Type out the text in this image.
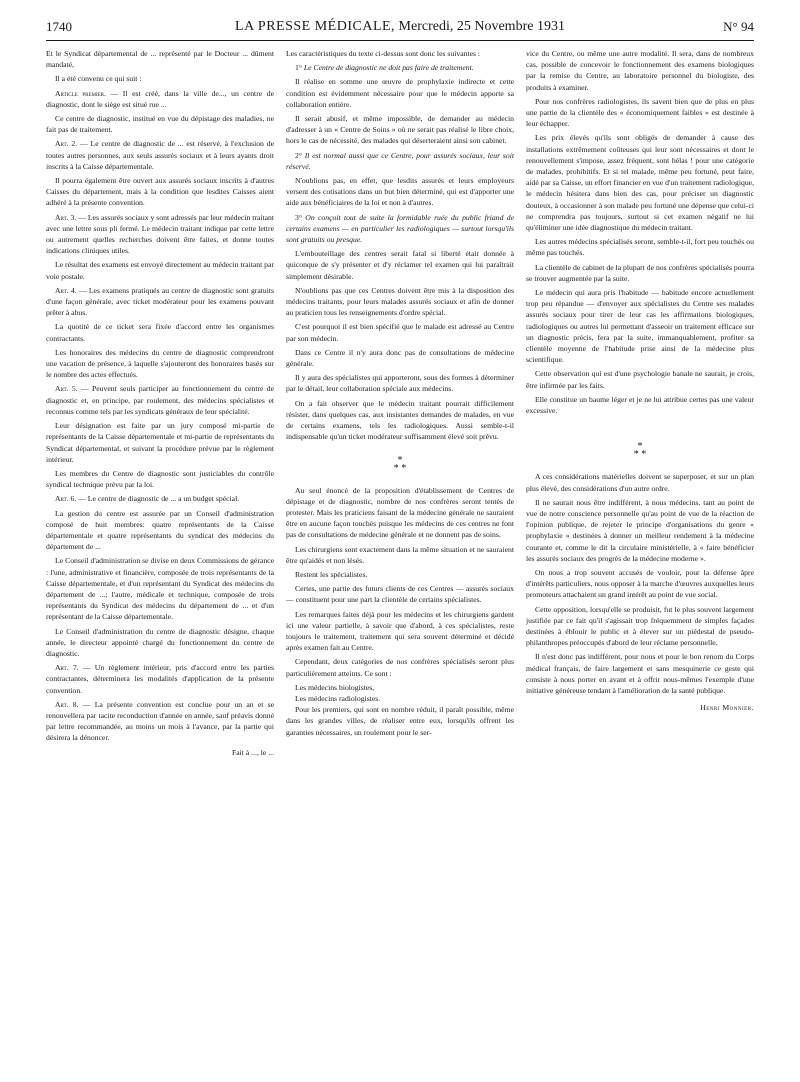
1740	LA PRESSE MÉDICALE, Mercredi, 25 Novembre 1931	N° 94

Et le Syndicat départemental de ... représenté par le Docteur ... dûment mandaté,

Il a été convenu ce qui suit :

Article premier. — Il est créé, dans la ville de..., un centre de diagnostic, dont le siège est situé rue ...

Ce centre de diagnostic, institué en vue du dépistage des maladies, ne fait pas de traitement.

Art. 2. — Le centre de diagnostic de ... est réservé, à l'exclusion de toutes autres personnes, aux seuls assurés sociaux et à leurs ayants droit inscrits à la Caisse départementale.

Il pourra également être ouvert aux assurés sociaux inscrits à d'autres Caisses du département, mais à la condition que lesdites Caisses aient adhéré à la présente convention.

Art. 3. — Les assurés sociaux y sont adressés par leur médecin traitant avec une lettre sous pli fermé. Le médecin traitant indique par cette lettre ou autrement quelles recherches doivent être faites, et donne toutes indications cliniques utiles.

Le résultat des examens est envoyé directement au médecin traitant par voie postale.

Art. 4. — Les examens pratiqués au centre de diagnostic sont gratuits d'une façon générale, avec ticket modérateur pour les examens pouvant prêter à abus.

La quotité de ce ticket sera fixée d'accord entre les organismes contractants.

Les honoraires des médecins du centre de diagnostic comprendront une vacation de présence, à laquelle s'ajouteront des honoraires basés sur le nombre des actes effectués.

Art. 5. — Peuvent seuls participer au fonctionnement du centre de diagnostic et, en principe, par roulement, des médecins spécialistes et reconnus comme tels par les syndicats généraux de leur spécialité.

Leur désignation est faite par un jury composé mi-partie de représentants de la Caisse départementale et mi-partie de représentants du Syndicat départemental, et suivant la procédure prévue par le règlement intérieur.

Les membres du Centre de diagnostic sont justiciables du contrôle syndical technique prévu par la loi.

Art. 6. — Le centre de diagnostic de ... a un budget spécial.

La gestion du centre est assurée par un Conseil d'administration composé de huit membres: quatre représentants de la Caisse départementale et quatre représentants du syndicat des médecins du département de ...

Le Conseil d'administration se divise en deux Commissions de gérance : l'une, administrative et financière, composée de trois représentants de la Caisse départementale, et d'un représentant du Syndicat des médecins du département de ...; l'autre, médicale et technique, composée de trois représentants du Syndicat des médecins du département de ... et d'un représentant de la Caisse départementale.

Le Conseil d'administration du centre de diagnostic désigne, chaque année, le directeur appointé chargé du fonctionnement du centre de diagnostic.

Art. 7. — Un règlement intérieur, pris d'accord entre les parties contractantes, déterminera les modalités d'application de la présente convention.

Art. 8. — La présente convention est conclue pour un an et se renouvellera par tacite reconduction d'année en année, sauf préavis donné par lettre recommandée, au moins un mois à l'avance, par la partie qui désirera la dénoncer.

Fait à ..., le ...

Les caractéristiques du texte ci-dessus sont donc les suivantes :

1° Le Centre de diagnostic ne doit pas faire de traitement.

Il réalise en somme une œuvre de prophylaxie indirecte et cette condition est évidemment nécessaire pour que le médecin apporte sa collaboration entière.

Il serait abusif, et même impossible, de demander au médecin d'adresser à un « Centre de Soins » où ne serait pas réalisé le libre choix, hors le cas de nécessité, des malades qui déserteraient ainsi son cabinet.

2° Il est normal aussi que ce Centre, pour assurés sociaux, leur soit réservé.

N'oublions pas, en effet, que lesdits assurés et leurs employeurs versent des cotisations dans un but bien déterminé, qui est d'apporter une aide aux bénéficiaires de la loi et non à d'autres.

3° On conçoit tout de suite la formidable ruée du public friand de certains examens — en particulier les radiologiques — surtout lorsqu'ils sont gratuits ou presque.

L'embouteillage des centres serait fatal si liberté était donnée à quiconque de s'y présenter et d'y réclamer tel examen qui lui paraîtrait simplement désirable.

N'oublions pas que ces Centres doivent être mis à la disposition des médecins traitants, pour leurs malades assurés sociaux et afin de donner au praticien tous les renseignements d'ordre spécial.

C'est pourquoi il est bien spécifié que le malade est adressé au Centre par son médecin.

Dans ce Centre il n'y aura donc pas de consultations de médecine générale.

Il y aura des spécialistes qui apporteront, sous des formes à déterminer par le détail, leur collaboration spéciale aux médecins.

On a fait observer que le médecin traitant pourrait difficilement résister, dans quelques cas, aux insistantes demandes de malades, en vue de certains examens, tels les radiologiques. Aussi semble-t-il indispensable qu'un ticket modérateur suffisamment élevé soit prévu.

*
* *

Au seul énoncé de la proposition d'établissement de Centres de dépistage et de diagnostic, nombre de nos confrères seront tentés de protester. Mais les praticiens faisant de la médecine générale ne sauraient être en aucune façon touchés puisque les médecins de ces centres ne font pas de consultations de médecine générale et ne donnent pas de soins.

Les chirurgiens sont exactement dans la même situation et ne sauraient être qu'aidés et non lésés.

Restent les spécialistes.

Certes, une partie des futurs clients de ces Centres — assurés sociaux — constituent pour une part la clientèle de certains spécialistes.

Les remarques faites déjà pour les médecins et les chirurgiens gardent ici une valeur partielle, à savoir que d'abord, à ces spécialistes, reste toujours le traitement, traitement qui sera souvent déterminé et décidé après examen fait au Centre.

Cependant, deux catégories de nos confrères spécialisés seront plus particulièrement atteints. Ce sont :

Les médecins biologistes,

Les médecins radiologistes.

Pour les premiers, qui sont en nombre réduit, il paraît possible, même dans les grandes villes, de réaliser entre eux, lorsqu'ils offrent les garanties nécessaires, un roulement pour le ser-

vice du Centre, ou même une autre modalité. Il sera, dans de nombreux cas, possible de concevoir le fonctionnement des examens biologiques par la remise du Centre, au laboratoire personnel du biologiste, des produits à examiner.

Pour nos confrères radiologistes, ils savent bien que de plus en plus une partie de la clientèle des « économiquement faibles » est destinée à leur échapper.

Les prix élevés qu'ils sont obligés de demander à cause des installations extrêmement coûteuses qui leur sont nécessaires et dont le renouvellement s'impose, assez fréquent, sont hélas ! pour une catégorie de malades, prohibitifs. Et si tel malade, même peu fortuné, peut faire, aidé par sa Caisse, un effort financier en vue d'un traitement radiologique, le médecin hésitera dans bien des cas, pour préciser un diagnostic douteux, à occasionner à son malade peu fortuné une dépense que celui-ci ne comprendra pas toujours, surtout si cet examen négatif ne lui qu'éliminer une idée diagnostique du médecin traitant.

Les autres médecins spécialisés seront, semble-t-il, fort peu touchés ou même pas touchés.

La clientèle de cabinet de la plupart de nos confrères spécialisés pourra se trouver augmentée par la suite.

Le médecin qui aura pris l'habitude — habitude encore actuellement trop peu répandue — d'envoyer aux spécialistes du Centre ses malades assurés sociaux pour tirer de leur cas les affirmations biologiques, radiologiques ou autres lui permettant d'asseoir un traitement efficace sur un diagnostic précis, fera par la suite, immanquablement, profiter sa clientèle moyenne de l'habitude prise ainsi de la médecine plus scientifique.

Cette observation qui est d'une psychologie banale ne saurait, je crois, être infirmée par les faits.

Elle constitue un baume léger et je ne lui attribue certes pas une valeur excessive.

*
* *

A ces considérations matérielles doivent se superposer, et sur un plan plus élevé, des considérations d'un autre ordre.

Il ne saurait nous être indifférent, à nous médecins, tant au point de vue de notre conscience personnelle qu'au point de vue de la réaction de l'opinion publique, de rejeter le principe d'organisations du genre « prophylaxie » destinées à donner un meilleur rendement à la médecine courante et, comme le dit la circulaire ministérielle, à « faire bénéficier les assurés sociaux des progrès de la médecine moderne ».

On nous a trop souvent accusés de vouloir, pour la défense âpre d'intérêts particuliers, nous opposer à la marche d'œuvres auxquelles leurs promoteurs attachaient un grand intérêt au point de vue social.

Cette opposition, lorsqu'elle se produisit, fut le plus souvent largement justifiée par ce fait qu'il s'agissait trop fréquemment de simples façades destinées à éblouir le public et à élever sur un piédestal de pseudo-philanthropes préoccupés d'abord de leur réclame personnelle.

Il n'est donc pas indifférent, pour nous et pour le bon renom du Corps médical français, de faire largement et sans mesquinerie ce geste qui consiste à nous porter en avant et à offrir nous-mêmes l'exemple d'une initiative généreuse tendant à l'amélioration de la santé publique.

Henri Monnier.
